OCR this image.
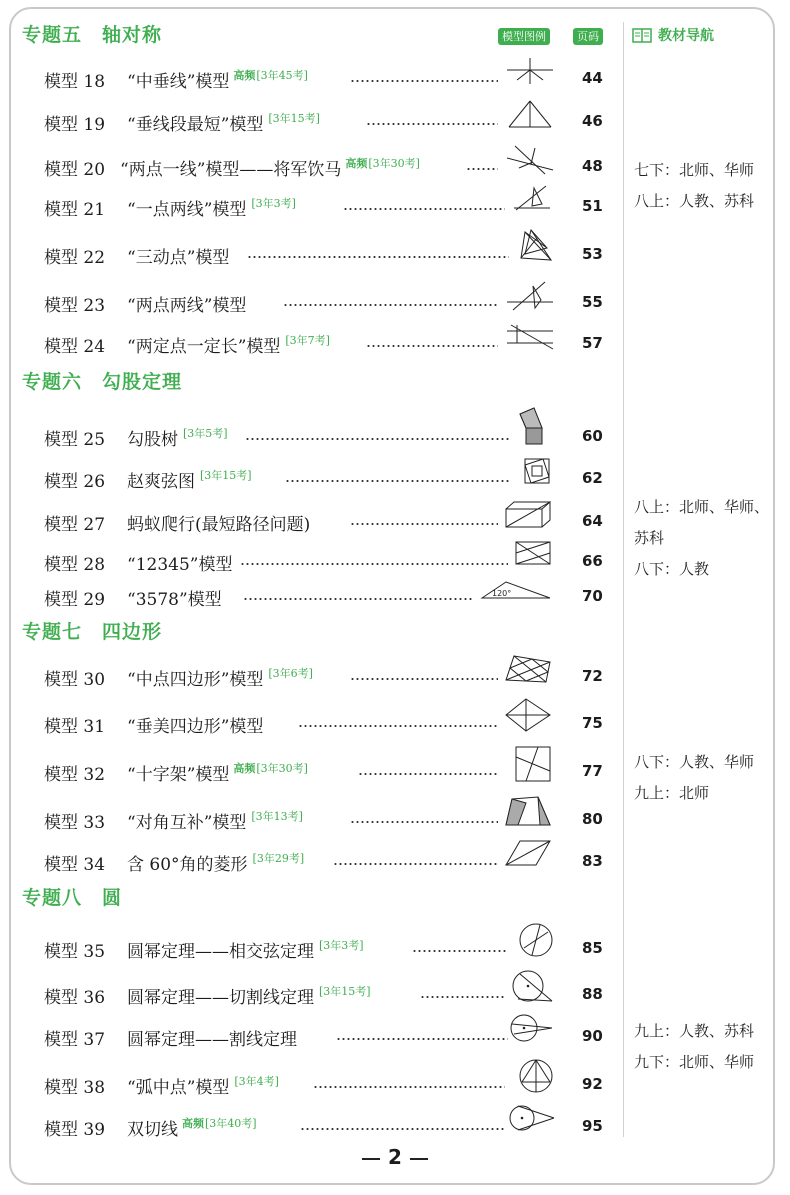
专题五　轴对称	模型图例	页码	教材导航
专题六　勾股定理
专题七　四边形
专题八　圆
模型 18 “中垂线”模型 $^{高频[3年45考]}$	44
模型 19 “垂线段最短”模型 [3年15考]	46
模型 20 “两点一线”模型——将军饮马 $^{高频[3年30考]}$	48
模型 21 “一点两线”模型 [3年3考]	51
模型 22 “三动点”模型	53
模型 23 “两点两线”模型	55
模型 24 “两定点一定长”模型 [3年7考]	57
模型 25 勾股树 [3年5考]	60
模型 26 赵爽弦图 [3年15考]	62
模型 27 蚂蚁爬行(最短路径问题)	64
模型 28 “12345”模型	66
模型 29 “3578”模型	120°	70
模型 30 “中点四边形”模型 [3年6考]	72
模型 31 “垂美四边形”模型	75
模型 32 “十字架”模型 $^{高频[3年30考]}$	77
模型 33 “对角互补”模型 [3年13考]	80
模型 34 含 60°角的菱形 [3年29考]	83
模型 35 圆幂定理——相交弦定理 [3年3考]	85
模型 36 圆幂定理——切割线定理 [3年15考]	88
模型 37 圆幂定理——割线定理	90
模型 38 “弧中点”模型 [3年4考]	92
模型 39 双切线 $^{高频[3年40考]}$	95
七下：北师、华师
八上：人教、苏科
八上：北师、华师、
苏科
八下：人教
八下：人教、华师
九上：北师
九上：人教、苏科
九下：北师、华师
2
